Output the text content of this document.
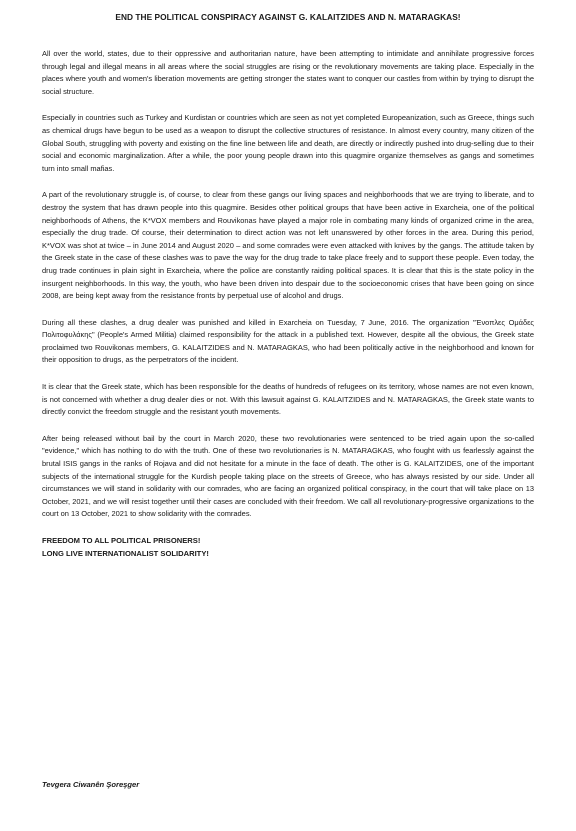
END THE POLITICAL CONSPIRACY AGAINST G. KALAITZIDES AND N. MATARAGKAS!
All over the world, states, due to their oppressive and authoritarian nature, have been attempting to intimidate and annihilate progressive forces through legal and illegal means in all areas where the social struggles are rising or the revolutionary movements are taking place. Especially in the places where youth and women's liberation movements are getting stronger the states want to conquer our castles from within by trying to disrupt the social structure.
Especially in countries such as Turkey and Kurdistan or countries which are seen as not yet completed Europeanization, such as Greece, things such as chemical drugs have begun to be used as a weapon to disrupt the collective structures of resistance. In almost every country, many citizen of the Global South, struggling with poverty and existing on the fine line between life and death, are directly or indirectly pushed into drug-selling due to their social and economic marginalization. After a while, the poor young people drawn into this quagmire organize themselves as gangs and sometimes turn into small mafias.
A part of the revolutionary struggle is, of course, to clear from these gangs our living spaces and neighborhoods that we are trying to liberate, and to destroy the system that has drawn people into this quagmire. Besides other political groups that have been active in Exarcheia, one of the political neighborhoods of Athens, the K*VOX members and Rouvikonas have played a major role in combating many kinds of organized crime in the area, especially the drug trade. Of course, their determination to direct action was not left unanswered by other forces in the area. During this period, K*VOX was shot at twice – in June 2014 and August 2020 – and some comrades were even attacked with knives by the gangs. The attitude taken by the Greek state in the case of these clashes was to pave the way for the drug trade to take place freely and to support these people. Even today, the drug trade continues in plain sight in Exarcheia, where the police are constantly raiding political spaces. It is clear that this is the state policy in the insurgent neighborhoods. In this way, the youth, who have been driven into despair due to the socioeconomic crises that have been going on since 2008, are being kept away from the resistance fronts by perpetual use of alcohol and drugs.
During all these clashes, a drug dealer was punished and killed in Exarcheia on Tuesday, 7 June, 2016. The organization "Ένοπλες Ομάδες Πολιτοφυλάκης" (People's Armed Militia) claimed responsibility for the attack in a published text. However, despite all the obvious, the Greek state proclaimed two Rouvikonas members, G. KALAITZIDES and N. MATARAGKAS, who had been politically active in the neighborhood and known for their opposition to drugs, as the perpetrators of the incident.
It is clear that the Greek state, which has been responsible for the deaths of hundreds of refugees on its territory, whose names are not even known, is not concerned with whether a drug dealer dies or not. With this lawsuit against G. KALAITZIDES and N. MATARAGKAS, the Greek state wants to directly convict the freedom struggle and the resistant youth movements.
After being released without bail by the court in March 2020, these two revolutionaries were sentenced to be tried again upon the so-called "evidence," which has nothing to do with the truth. One of these two revolutionaries is N. MATARAGKAS, who fought with us fearlessly against the brutal ISIS gangs in the ranks of Rojava and did not hesitate for a minute in the face of death. The other is G. KALAITZIDES, one of the important subjects of the international struggle for the Kurdish people taking place on the streets of Greece, who has always resisted by our side. Under all circumstances we will stand in solidarity with our comrades, who are facing an organized political conspiracy, in the court that will take place on 13 October, 2021, and we will resist together until their cases are concluded with their freedom. We call all revolutionary-progressive organizations to the court on 13 October, 2021 to show solidarity with the comrades.
FREEDOM TO ALL POLITICAL PRISONERS!
LONG LIVE INTERNATIONALIST SOLIDARITY!
Tevgera Ciwanên Şoreşger
